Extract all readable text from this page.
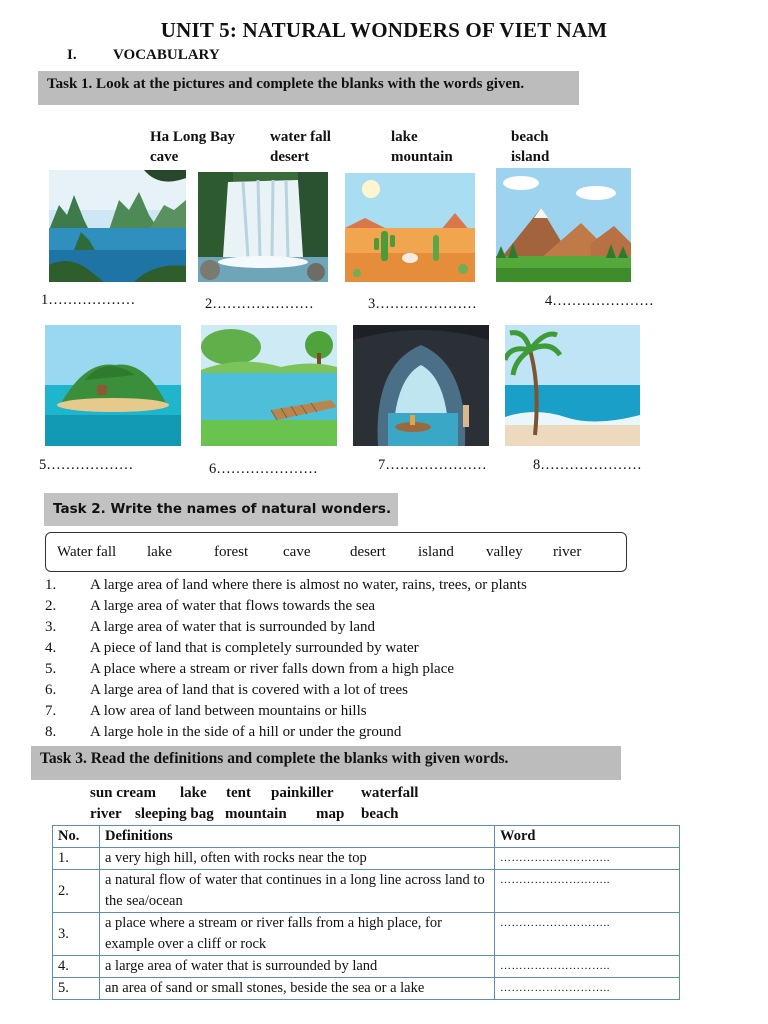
UNIT 5: NATURAL WONDERS OF VIET NAM
I. VOCABULARY
Task 1. Look at the pictures and complete the blanks with the words given.
Ha Long Bay water fall	lake	beach
cave	desert	mountain	island
1………………	2…………………	3…………………	4…………………
5………………	6…………………	7…………………	8…………………
Task 2. Write the names of natural wonders.
Water fall lake	forest cave	desert island valley river
1. A large area of land where there is almost no water, rains, trees, or plants
2. A large area of water that flows towards the sea
3. A large area of water that is surrounded by land
4. A piece of land that is completely surrounded by water
5. A place where a stream or river falls down from a high place
6. A large area of land that is covered with a lot of trees
7. A low area of land between mountains or hills
8. A large hole in the side of a hill or under the ground
Task 3. Read the definitions and complete the blanks with given words.
sun cream lake tent painkiller waterfall
river sleeping bag mountain map beach
No.	Definitions	Word
1.	a very high hill, often with rocks near the top	………………………..
2.	a natural flow of water that continues in a long line across land to the sea/ocean	………………………..
3.	a place where a stream or river falls from a high place, for example over a cliff or rock	………………………..
4.	a large area of water that is surrounded by land	………………………..
5.	an area of sand or small stones, beside the sea or a lake	………………………..
